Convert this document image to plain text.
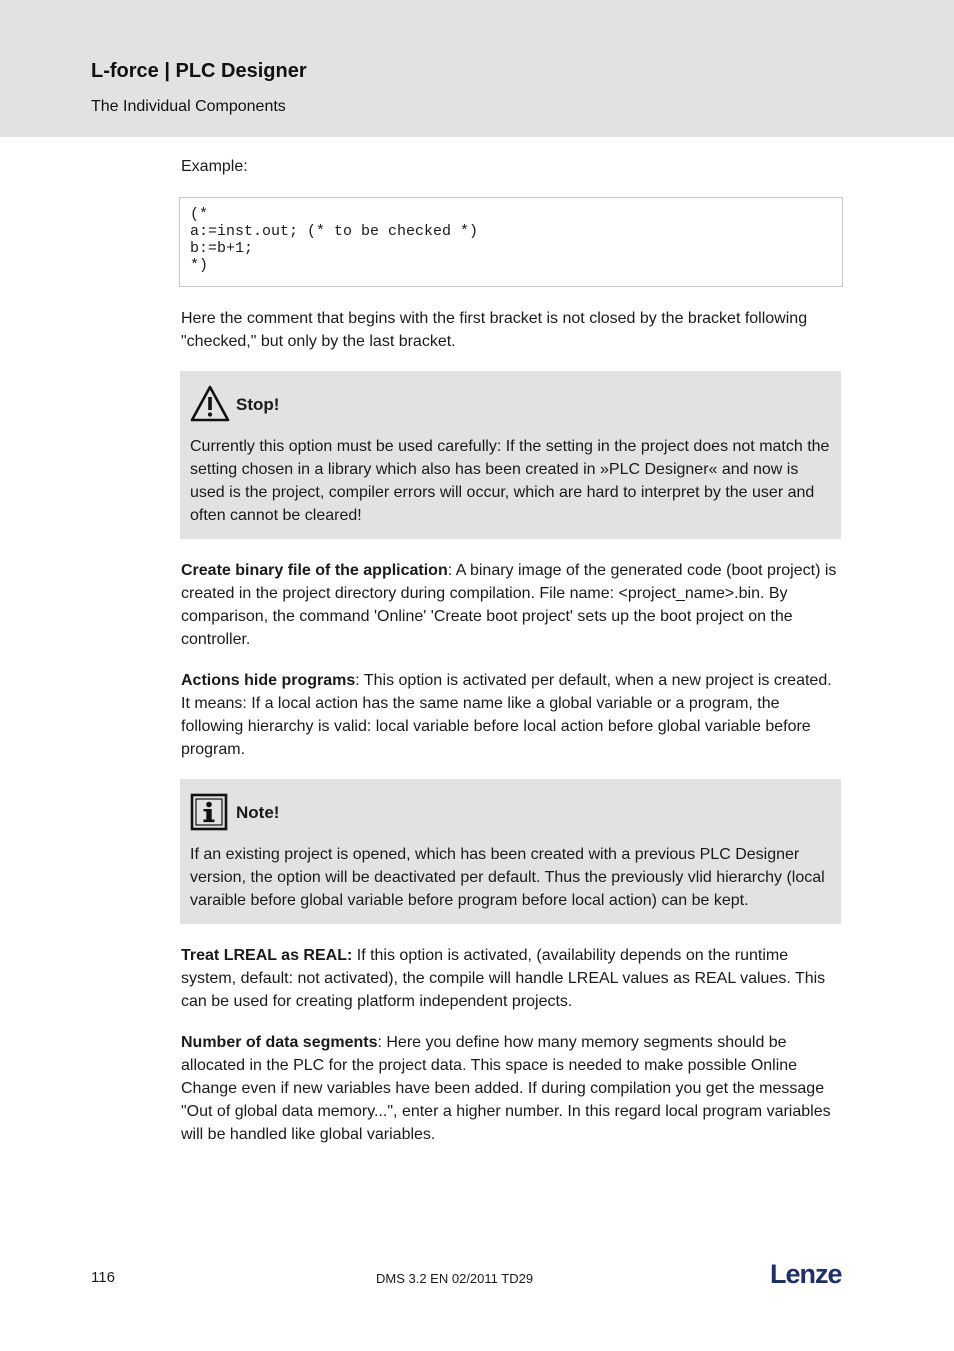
L-force | PLC Designer
The Individual Components

Example:

(*
a:=inst.out; (* to be checked *)
b:=b+1;
*)

Here the comment that begins with the first bracket is not closed by the bracket following "checked," but only by the last bracket.

Stop!
Currently this option must be used carefully: If the setting in the project does not match the setting chosen in a library which also has been created in »PLC Designer« and now is used is the project, compiler errors will occur, which are hard to interpret by the user and often cannot be cleared!

Create binary file of the application: A binary image of the generated code (boot project) is created in the project directory during compilation. File name: <project_name>.bin. By comparison, the command 'Online' 'Create boot project' sets up the boot project on the controller.

Actions hide programs: This option is activated per default, when a new project is created. It means: If a local action has the same name like a global variable or a program, the following hierarchy is valid: local variable before local action before global variable before program.

Note!
If an existing project is opened, which has been created with a previous PLC Designer version, the option will be deactivated per default. Thus the previously vlid hierarchy (local varaible before global variable before program before local action) can be kept.

Treat LREAL as REAL: If this option is activated, (availability depends on the runtime system, default: not activated), the compile will handle LREAL values as REAL values. This can be used for creating platform independent projects.

Number of data segments: Here you define how many memory segments should be allocated in the PLC for the project data. This space is needed to make possible Online Change even if new variables have been added. If during compilation you get the message "Out of global data memory...", enter a higher number. In this regard local program variables will be handled like global variables.

116	DMS 3.2 EN 02/2011 TD29	Lenze
